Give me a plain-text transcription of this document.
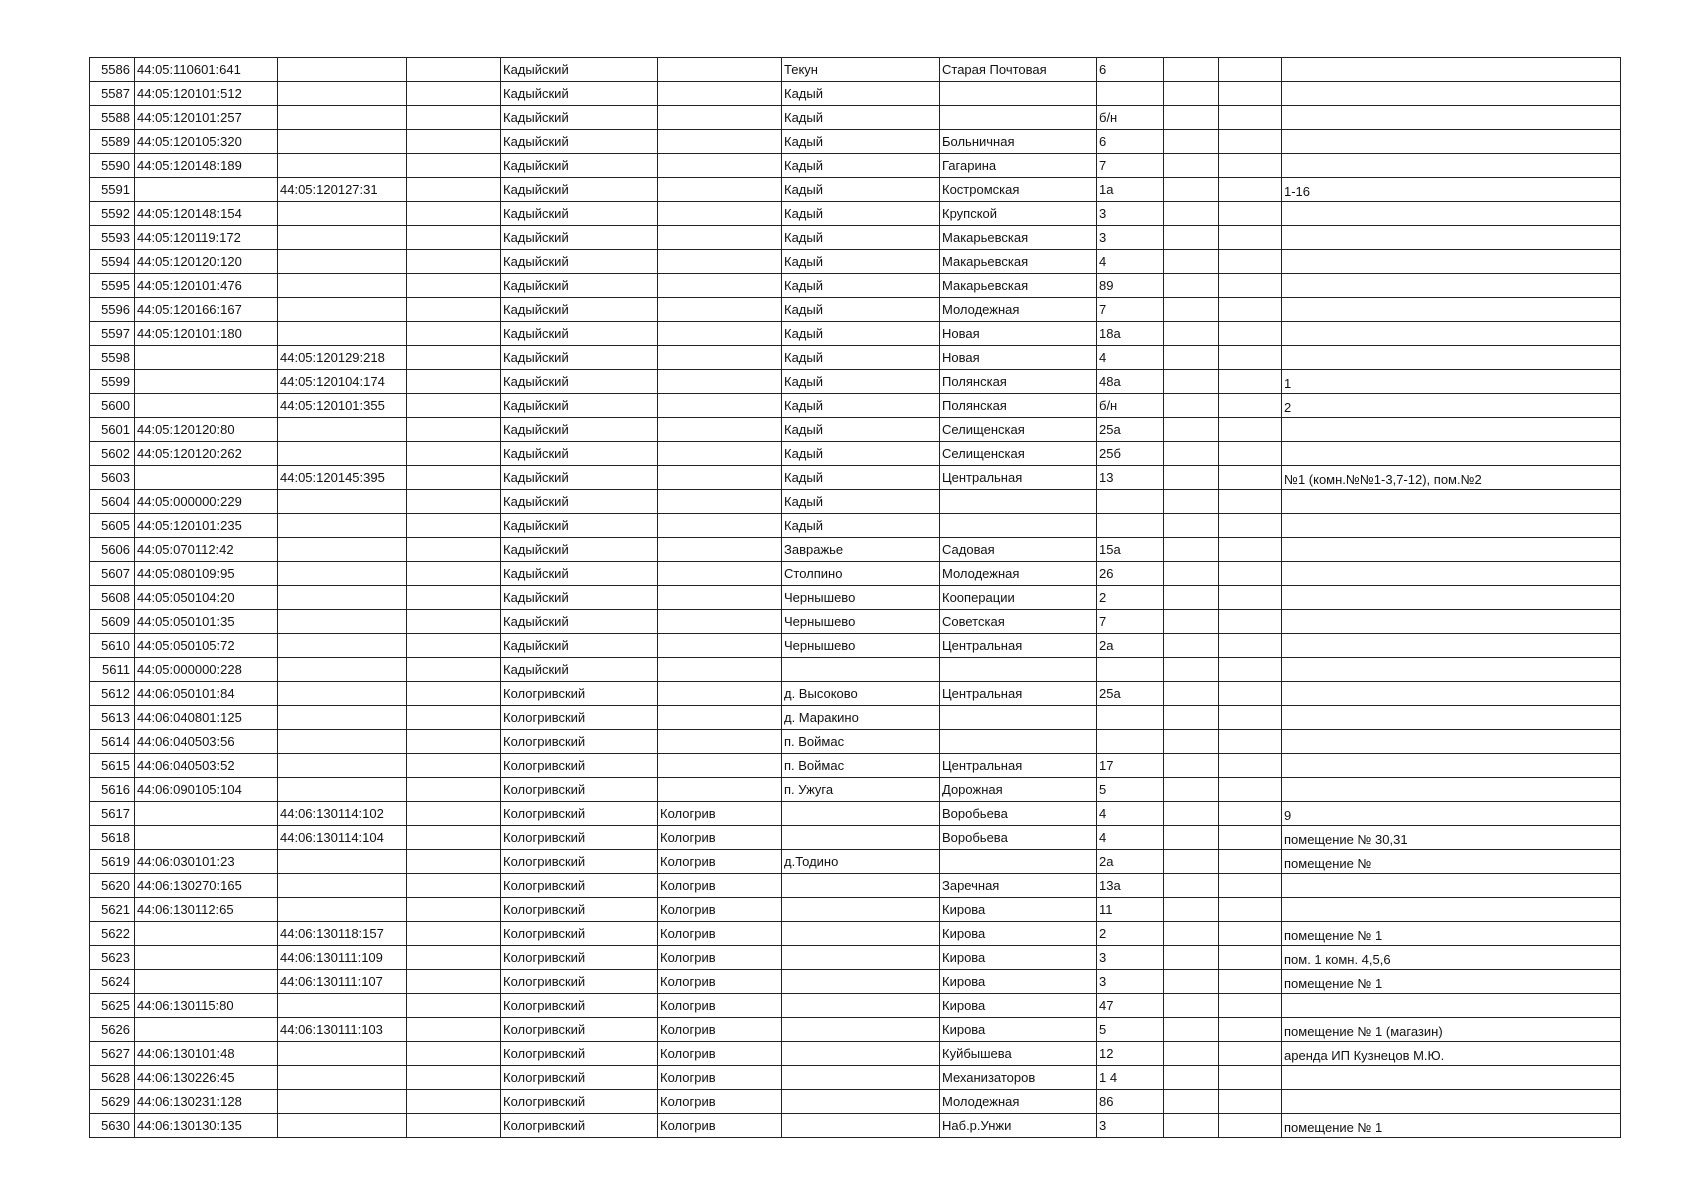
5586	44:05:110601:641			Кадыйский		Текун	Старая Почтовая	6			
5587	44:05:120101:512			Кадыйский		Кадый					
5588	44:05:120101:257			Кадыйский		Кадый		б/н			
5589	44:05:120105:320			Кадыйский		Кадый	Больничная	6			
5590	44:05:120148:189			Кадыйский		Кадый	Гагарина	7			
5591		44:05:120127:31		Кадыйский		Кадый	Костромская	1а			1-16
5592	44:05:120148:154			Кадыйский		Кадый	Крупской	3			
5593	44:05:120119:172			Кадыйский		Кадый	Макарьевская	3			
5594	44:05:120120:120			Кадыйский		Кадый	Макарьевская	4			
5595	44:05:120101:476			Кадыйский		Кадый	Макарьевская	89			
5596	44:05:120166:167			Кадыйский		Кадый	Молодежная	7			
5597	44:05:120101:180			Кадыйский		Кадый	Новая	18а			
5598		44:05:120129:218		Кадыйский		Кадый	Новая	4			
5599		44:05:120104:174		Кадыйский		Кадый	Полянская	48а			1
5600		44:05:120101:355		Кадыйский		Кадый	Полянская	б/н			2
5601	44:05:120120:80			Кадыйский		Кадый	Селищенская	25а			
5602	44:05:120120:262			Кадыйский		Кадый	Селищенская	25б			
5603		44:05:120145:395		Кадыйский		Кадый	Центральная	13			№1 (комн.№№1-3,7-12), пом.№2
5604	44:05:000000:229			Кадыйский		Кадый					
5605	44:05:120101:235			Кадыйский		Кадый					
5606	44:05:070112:42			Кадыйский		Завражье	Садовая	15а			
5607	44:05:080109:95			Кадыйский		Столпино	Молодежная	26			
5608	44:05:050104:20			Кадыйский		Чернышево	Кооперации	2			
5609	44:05:050101:35			Кадыйский		Чернышево	Советская	7			
5610	44:05:050105:72			Кадыйский		Чернышево	Центральная	2а			
5611	44:05:000000:228			Кадыйский							
5612	44:06:050101:84			Кологривский		д. Высоково	Центральная	25а			
5613	44:06:040801:125			Кологривский		д. Маракино					
5614	44:06:040503:56			Кологривский		п. Воймас					
5615	44:06:040503:52			Кологривский		п. Воймас	Центральная	17			
5616	44:06:090105:104			Кологривский		п. Ужуга	Дорожная	5			
5617		44:06:130114:102		Кологривский	Кологрив		Воробьева	4			9
5618		44:06:130114:104		Кологривский	Кологрив		Воробьева	4			помещение № 30,31
5619	44:06:030101:23			Кологривский	Кологрив	д.Тодино		2а			помещение №
5620	44:06:130270:165			Кологривский	Кологрив		Заречная	13а			
5621	44:06:130112:65			Кологривский	Кологрив		Кирова	11			
5622		44:06:130118:157		Кологривский	Кологрив		Кирова	2			помещение № 1
5623		44:06:130111:109		Кологривский	Кологрив		Кирова	3			пом. 1 комн. 4,5,6
5624		44:06:130111:107		Кологривский	Кологрив		Кирова	3			помещение № 1
5625	44:06:130115:80			Кологривский	Кологрив		Кирова	47			
5626		44:06:130111:103		Кологривский	Кологрив		Кирова	5			помещение № 1 (магазин)
5627	44:06:130101:48			Кологривский	Кологрив		Куйбышева	12			аренда ИП Кузнецов М.Ю.
5628	44:06:130226:45			Кологривский	Кологрив		Механизаторов	1 4			
5629	44:06:130231:128			Кологривский	Кологрив		Молодежная	86			
5630	44:06:130130:135			Кологривский	Кологрив		Наб.р.Унжи	3			помещение № 1
